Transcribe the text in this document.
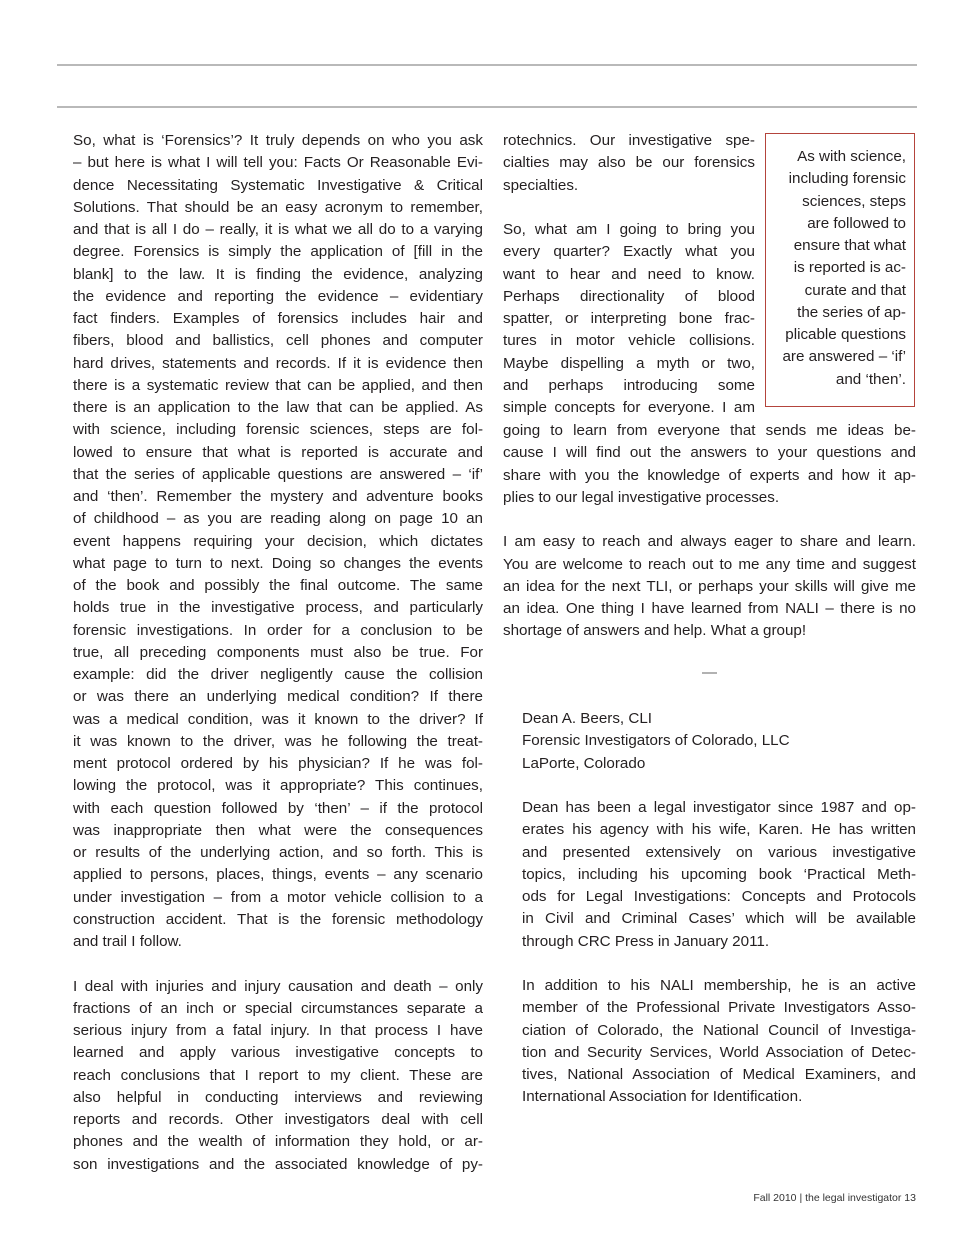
So, what is ‘Forensics’? It truly depends on who you ask
– but here is what I will tell you: Facts Or Reasonable Evi-
dence Necessitating Systematic Investigative & Critical
Solutions. That should be an easy acronym to remember,
and that is all I do – really, it is what we all do to a varying
degree. Forensics is simply the application of [fill in the
blank] to the law. It is finding the evidence, analyzing
the evidence and reporting the evidence – evidentiary
fact finders. Examples of forensics includes hair and
fibers, blood and ballistics, cell phones and computer
hard drives, statements and records. If it is evidence then
there is a systematic review that can be applied, and then
there is an application to the law that can be applied. As
with science, including forensic sciences, steps are fol-
lowed to ensure that what is reported is accurate and
that the series of applicable questions are answered – ‘if’
and ‘then’. Remember the mystery and adventure books
of childhood – as you are reading along on page 10 an
event happens requiring your decision, which dictates
what page to turn to next. Doing so changes the events
of the book and possibly the final outcome. The same
holds true in the investigative process, and particularly
forensic investigations. In order for a conclusion to be
true, all preceding components must also be true. For
example: did the driver negligently cause the collision
or was there an underlying medical condition? If there
was a medical condition, was it known to the driver? If
it was known to the driver, was he following the treat-
ment protocol ordered by his physician? If he was fol-
lowing the protocol, was it appropriate? This continues,
with each question followed by ‘then’ – if the protocol
was inappropriate then what were the consequences
or results of the underlying action, and so forth. This is
applied to persons, places, things, events – any scenario
under investigation – from a motor vehicle collision to a
construction accident. That is the forensic methodology
and trail I follow.
I deal with injuries and injury causation and death – only
fractions of an inch or special circumstances separate a
serious injury from a fatal injury. In that process I have
learned and apply various investigative concepts to
reach conclusions that I report to my client. These are
also helpful in conducting interviews and reviewing
reports and records. Other investigators deal with cell
phones and the wealth of information they hold, or ar-
son investigations and the associated knowledge of py-
rotechnics. Our investigative spe-
cialties may also be our forensics
specialties.
So, what am I going to bring you
every quarter? Exactly what you
want to hear and need to know.
Perhaps directionality of blood
spatter, or interpreting bone frac-
tures in motor vehicle collisions.
Maybe dispelling a myth or two,
and perhaps introducing some
simple concepts for everyone. I am
going to learn from everyone that sends me ideas be-
cause I will find out the answers to your questions and
share with you the knowledge of experts and how it ap-
plies to our legal investigative processes.
I am easy to reach and always eager to share and learn.
You are welcome to reach out to me any time and suggest
an idea for the next TLI, or perhaps your skills will give me
an idea. One thing I have learned from NALI – there is no
shortage of answers and help. What a group!
Dean A. Beers, CLI
Forensic Investigators of Colorado, LLC
LaPorte, Colorado
Dean has been a legal investigator since 1987 and op-
erates his agency with his wife, Karen. He has written
and presented extensively on various investigative
topics, including his upcoming book ‘Practical Meth-
ods for Legal Investigations: Concepts and Protocols
in Civil and Criminal Cases’ which will be available
through CRC Press in January 2011.
In addition to his NALI membership, he is an active
member of the Professional Private Investigators Asso-
ciation of Colorado, the National Council of Investiga-
tion and Security Services, World Association of Detec-
tives, National Association of Medical Examiners, and
International Association for Identification.
As with science,
including forensic
sciences, steps
are followed to
ensure that what
is reported is ac-
curate and that
the series of ap-
plicable questions
are answered – ‘if’
and ‘then’.
—
Fall 2010 | the legal investigator 13
